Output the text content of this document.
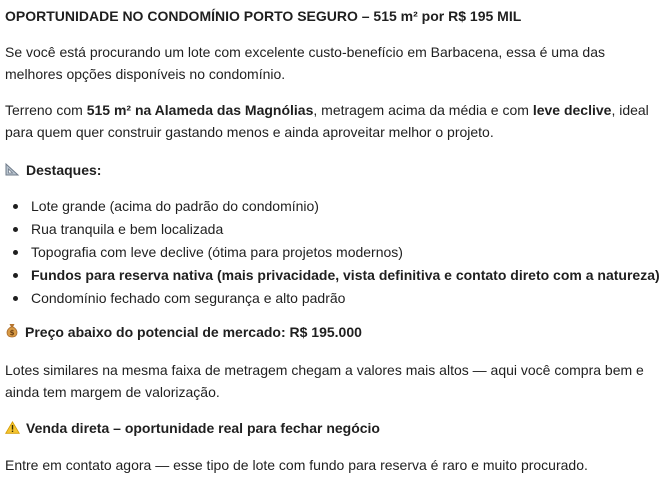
OPORTUNIDADE NO CONDOMÍNIO PORTO SEGURO – 515 m² por R$ 195 MIL
Se você está procurando um lote com excelente custo-benefício em Barbacena, essa é uma das
melhores opções disponíveis no condomínio.
Terreno com 515 m² na Alameda das Magnólias, metragem acima da média e com leve declive, ideal
para quem quer construir gastando menos e ainda aproveitar melhor o projeto.
Destaques:
Lote grande (acima do padrão do condomínio)
Rua tranquila e bem localizada
Topografia com leve declive (ótima para projetos modernos)
Fundos para reserva nativa (mais privacidade, vista definitiva e contato direto com a natureza)
Condomínio fechado com segurança e alto padrão
$ Preço abaixo do potencial de mercado: R$ 195.000
Lotes similares na mesma faixa de metragem chegam a valores mais altos — aqui você compra bem e
ainda tem margem de valorização.
Venda direta – oportunidade real para fechar negócio
Entre em contato agora — esse tipo de lote com fundo para reserva é raro e muito procurado.
